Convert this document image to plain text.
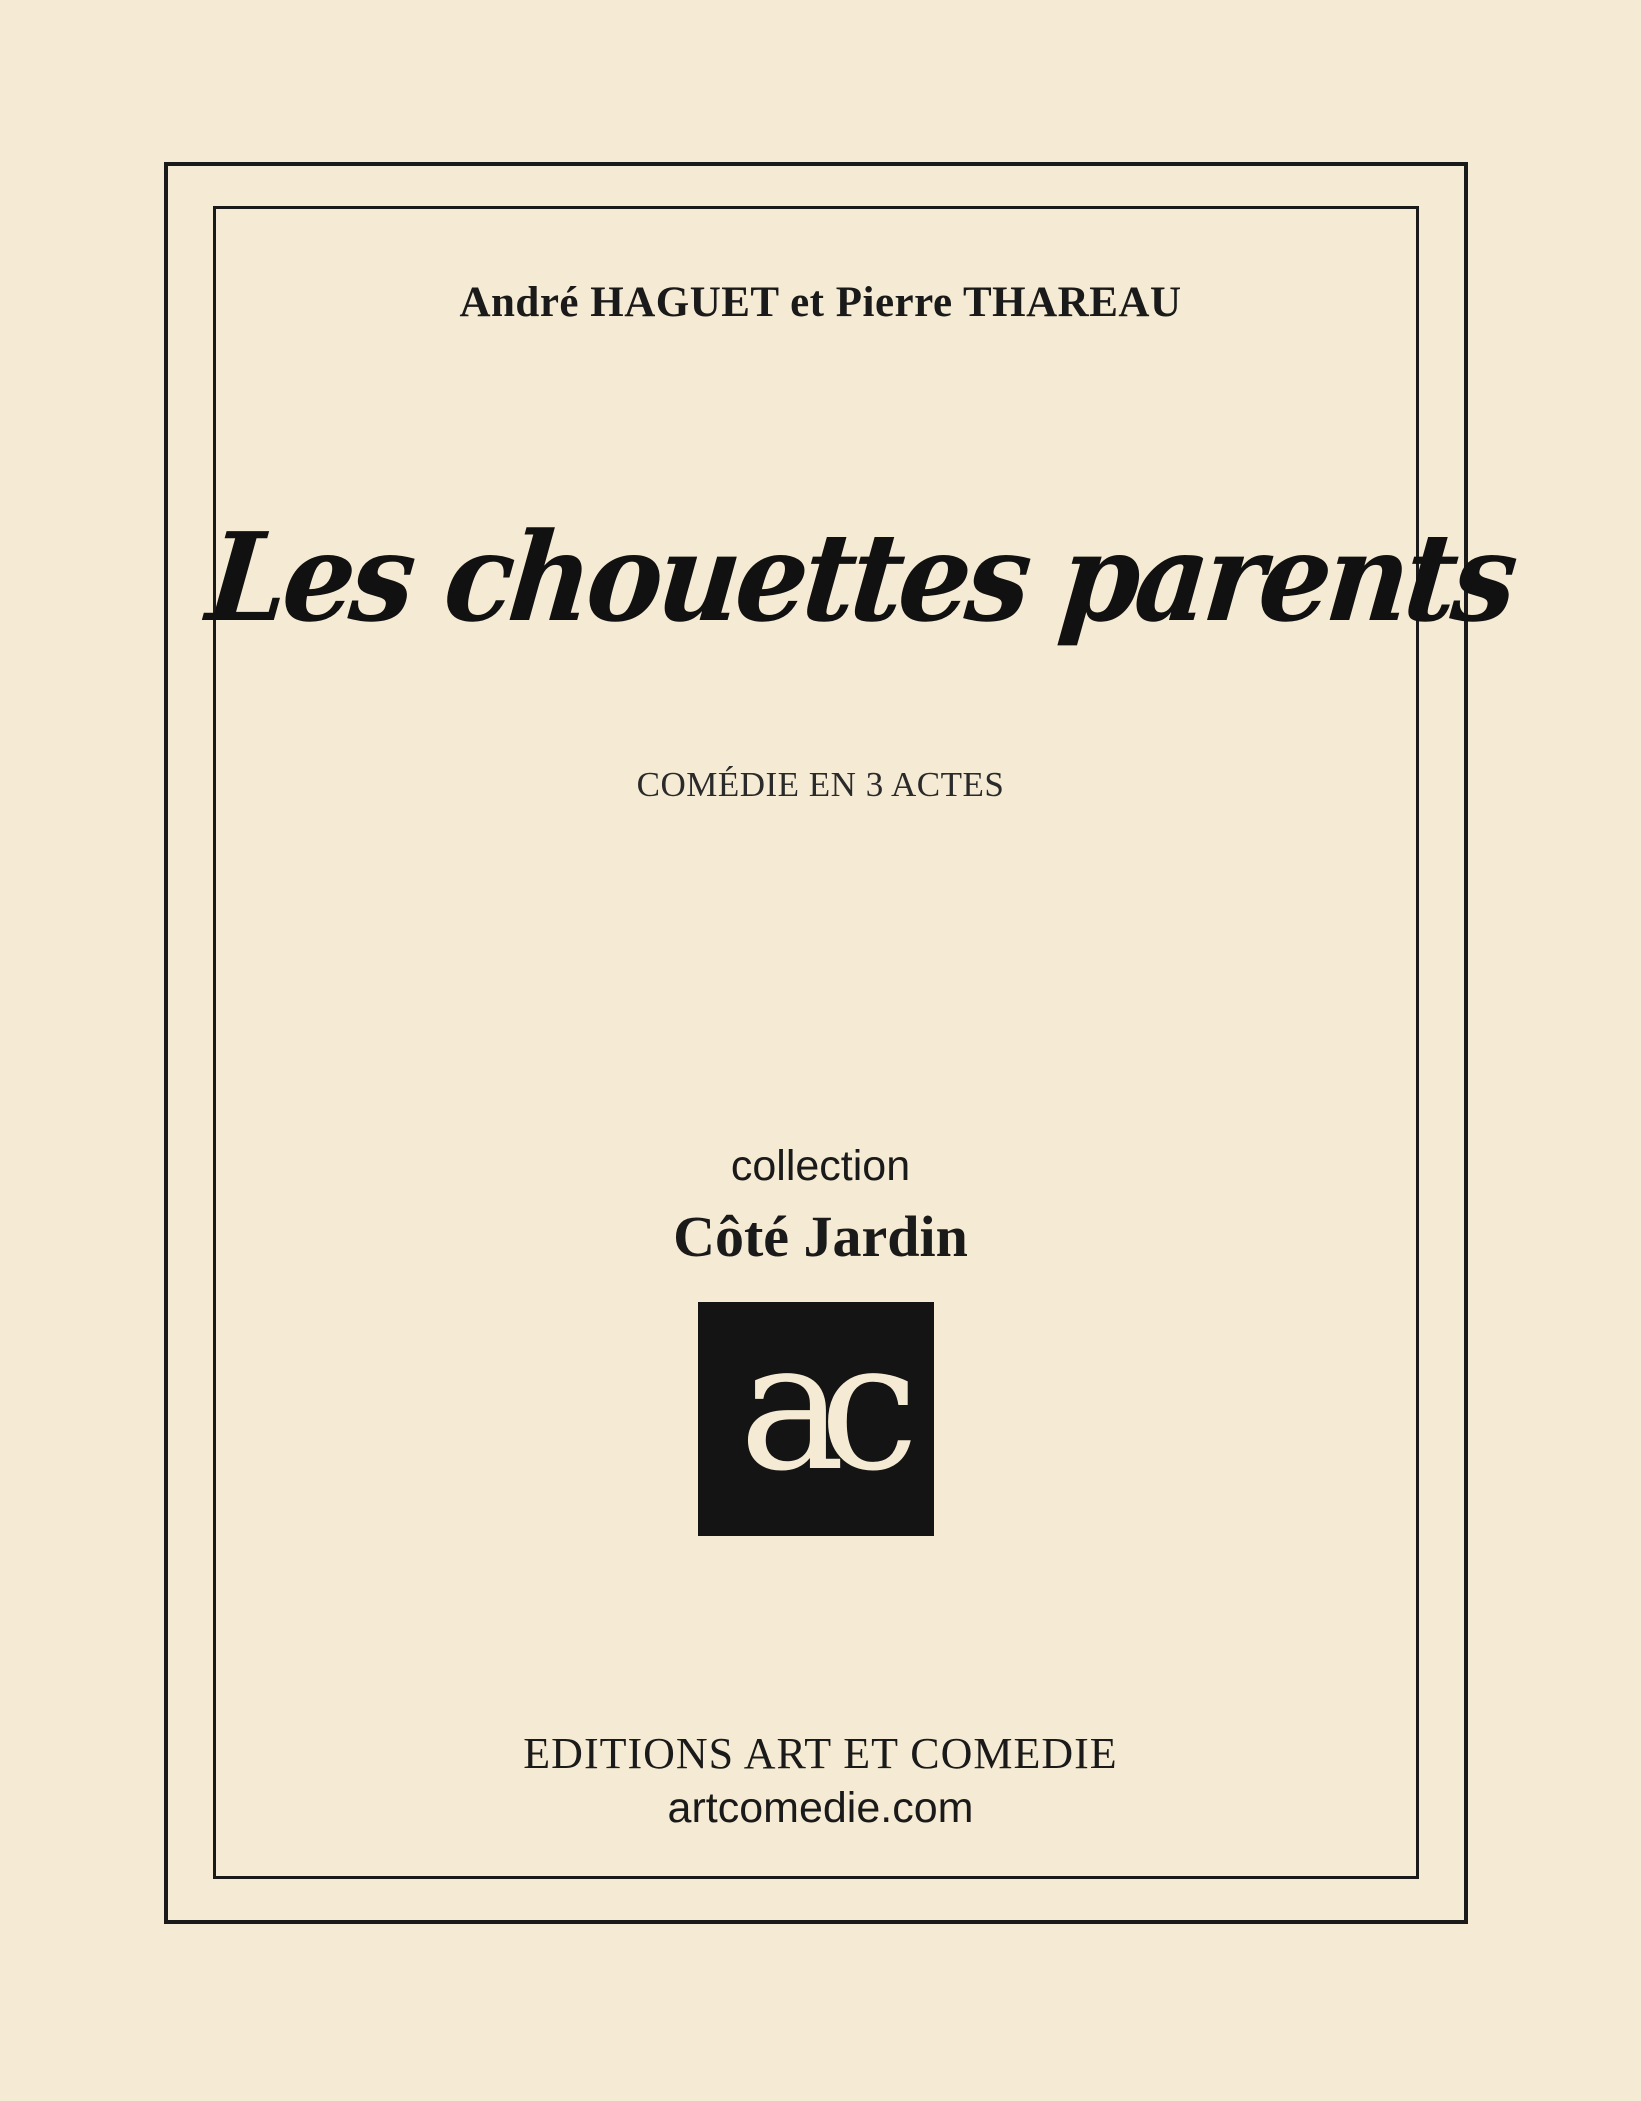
André HAGUET et Pierre THAREAU
Les chouettes parents
COMÉDIE EN 3 ACTES
collection
Côté Jardin
ac
EDITIONS ART ET COMEDIE
artcomedie.com
